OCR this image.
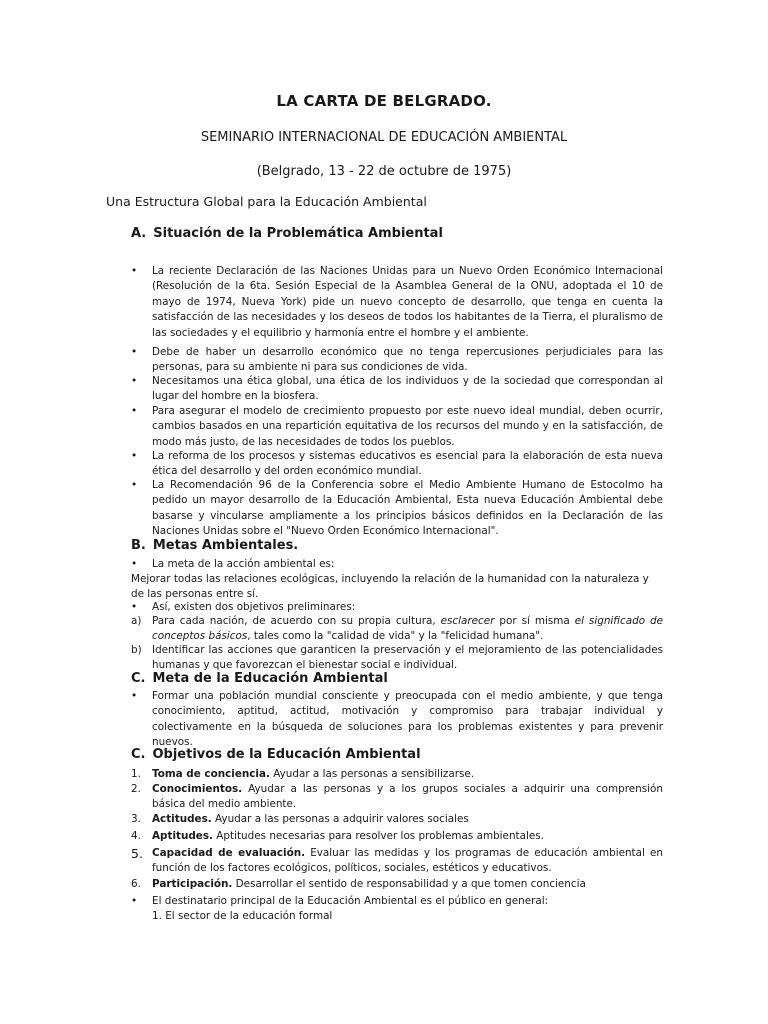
LA CARTA DE BELGRADO.
SEMINARIO INTERNACIONAL DE EDUCACIÓN AMBIENTAL
(Belgrado, 13 - 22 de octubre de 1975)
Una Estructura Global para la Educación Ambiental
A. Situación de la Problemática Ambiental
•	La reciente Declaración de las Naciones Unidas para un Nuevo Orden Económico Internacional (Resolución de la 6ta. Sesión Especial de la Asamblea General de la ONU, adoptada el 10 de mayo de 1974, Nueva York) pide un nuevo concepto de desarrollo, que tenga en cuenta la satisfacción de las necesidades y los deseos de todos los habitantes de la Tierra, el pluralismo de las sociedades y el equilibrio y harmonía entre el hombre y el ambiente.
•	Debe de haber un desarrollo económico que no tenga repercusiones perjudiciales para las personas, para su ambiente ni para sus condiciones de vida.
•	Necesitamos una ética global, una ética de los individuos y de la sociedad que correspondan al lugar del hombre en la biosfera.
•	Para asegurar el modelo de crecimiento propuesto por este nuevo ideal mundial, deben ocurrir, cambios basados en una repartición equitativa de los recursos del mundo y en la satisfacción, de modo más justo, de las necesidades de todos los pueblos.
•	La reforma de los procesos y sistemas educativos es esencial para la elaboración de esta nueva ética del desarrollo y del orden económico mundial.
•	La Recomendación 96 de la Conferencia sobre el Medio Ambiente Humano de Estocolmo ha pedido un mayor desarrollo de la Educación Ambiental, Esta nueva Educación Ambiental debe basarse y vincularse ampliamente a los principios básicos definidos en la Declaración de las Naciones Unidas sobre el "Nuevo Orden Económico Internacional".
B. Metas Ambientales.
•	La meta de la acción ambiental es:
Mejorar todas las relaciones ecológicas, incluyendo la relación de la humanidad con la naturaleza y de las personas entre sí.
•	Así, existen dos objetivos preliminares:
a)	Para cada nación, de acuerdo con su propia cultura, esclarecer por sí misma el significado de conceptos básicos, tales como la "calidad de vida" y la "felicidad humana".
b) Identificar las acciones que garanticen la preservación y el mejoramiento de las potencialidades humanas y que favorezcan el bienestar social e individual.
C. Meta de la Educación Ambiental
•	Formar una población mundial consciente y preocupada con el medio ambiente, y que tenga conocimiento, aptitud, actitud, motivación y compromiso para trabajar individual y colectivamente en la búsqueda de soluciones para los problemas existentes y para prevenir nuevos.
C. Objetivos de la Educación Ambiental
1.	Toma de conciencia. Ayudar a las personas a sensibilizarse.
2.	Conocimientos. Ayudar a las personas y a los grupos sociales a adquirir una comprensión básica del medio ambiente.
3.	Actitudes. Ayudar a las personas a adquirir valores sociales
4.	Aptitudes. Aptitudes necesarias para resolver los problemas ambientales.
5. Capacidad de evaluación. Evaluar las medidas y los programas de educación ambiental en función de los factores ecológicos, políticos, sociales, estéticos y educativos.
6.	Participación. Desarrollar el sentido de responsabilidad y a que tomen conciencia
•	El destinatario principal de la Educación Ambiental es el público en general:
1. El sector de la educación formal
